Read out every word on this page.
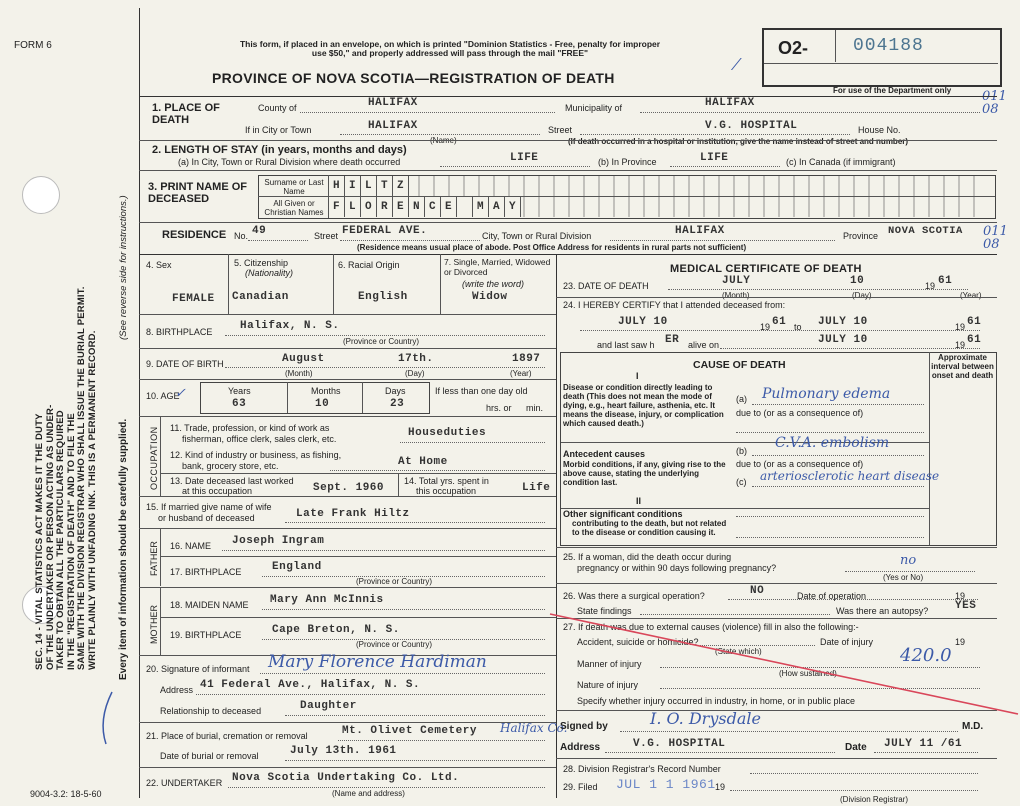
SEC. 14 - VITAL STATISTICS ACT MAKES IT THE DUTY OF THE UNDERTAKER OR PERSON ACTING AS UNDER- TAKER TO OBTAIN ALL THE PARTICULARS REQUIRED IN THE "REGISTRATION OF DEATH" AND TO FILE THE SAME WITH THE DIVISION REGISTRAR WHO SHALL ISSUE THE BURIAL PERMIT. WRITE PLAINLY WITH UNFADING INK. THIS IS A PERMANENT RECORD.
(See reverse side for instructions.)
Every item of information should be carefully supplied.
FORM 6	This form, if placed in an envelope, on which is printed "Dominion Statistics - Free, penalty for improper
use $50," and properly addressed will pass through the mail "FREE"
PROVINCE OF NOVA SCOTIA—REGISTRATION OF DEATH
⁄
O2- 004188
For use of the Department only 011 08
1. PLACE OF DEATH
County of	HALIFAX	Municipality of	HALIFAX
If in City or Town	HALIFAX
(Name)
Street	V.G. HOSPITAL	House No.
(If death occurred in a hospital or institution, give the name instead of street and number)
2. LENGTH OF STAY (in years, months and days)
(a) In City, Town or Rural Division where death occurred	LIFE	(b) In Province	LIFE	(c) In Canada (if immigrant)
3. PRINT NAME OF DECEASED
Surname or Last Name
All Given or Christian Names
H I L T Z
F L O R E N C E	M A Y
RESIDENCE No. 49	Street FEDERAL AVE.	City, Town or Rural Division	HALIFAX	Province NOVA SCOTIA
(Residence means usual place of abode. Post Office Address for residents in rural parts not sufficient)
011 08
4. Sex
FEMALE
5. Citizenship
(Nationality)
Canadian
6. Racial Origin
English
7. Single, Married, Widowed or Divorced
(write the word)
Widow
8. BIRTHPLACE	Halifax, N. S.
(Province or Country)
9. DATE OF BIRTH	August	17th.	1897
(Month)	(Day)	(Year)
10. AGE
✓	Years
63
Months
10
Days
23
If less than one day old
hrs. or min.
OCCUPATION 11. Trade, profession, or kind of work as
fisherman, office clerk, sales clerk, etc.	Houseduties
12. Kind of industry or business, as fishing,
bank, grocery store, etc.	At Home
13. Date deceased last worked
at this occupation	Sept. 1960
14. Total yrs. spent in
this occupation	Life
15. If married give name of wife
or husband of deceased	Late Frank Hiltz
FATHER 16. NAME Joseph Ingram
17. BIRTHPLACE	England
(Province or Country)
MOTHER 18. MAIDEN NAME Mary Ann McInnis
19. BIRTHPLACE	Cape Breton, N. S.
(Province or Country)
20. Signature of informant Mary Florence Hardiman
Address 41 Federal Ave., Halifax, N. S.
Relationship to deceased	Daughter
21. Place of burial, cremation or removal	Mt. Olivet Cemetery Halifax Co.
Date of burial or removal	July 13th. 1961
22. UNDERTAKER Nova Scotia Undertaking Co. Ltd.
(Name and address)
9004-3.2: 18-5-60
MEDICAL CERTIFICATE OF DEATH
23. DATE OF DEATH	JULY	10	19 61
(Month)	(Day)	(Year)
24. I HEREBY CERTIFY that I attended deceased from:
JULY 10	19 61 to JULY 10	19 61
and last saw h ER alive on	JULY 10	19 61
CAUSE OF DEATH
Approximate interval between onset and death
I
Disease or condition directly leading to death (This does not mean the mode of dying, e.g., heart failure, asthenia, etc. It means the disease, injury, or complication which caused death.)
(a) Pulmonary edema
due to (or as a consequence of)
Antecedent causes
Morbid conditions, if any, giving rise to the above cause, stating the underlying condition last.
(b) C.V.A. embolism
due to (or as a consequence of)
(c) arteriosclerotic heart disease
II
Other significant conditions
contributing to the death, but not related to the disease or condition causing it.
25. If a woman, did the death occur during
pregnancy or within 90 days following pregnancy?	no
(Yes or No)
26. Was there a surgical operation?	NO	Date of operation	19
State findings	Was there an autopsy? YES
27. If death was due to external causes (violence) fill in also the following:-
Accident, suicide or homicide?	Date of injury	19
(State which)
Manner of injury	420.0
(How sustained)
Nature of injury
Specify whether injury occurred in industry, in home, or in public place
Signed by	I. O. Drysdale	M.D.
Address	V.G. HOSPITAL	Date JULY 11 /61
28. Division Registrar's Record Number
29. Filed JUL 1 1 1961 19
(Division Registrar)
